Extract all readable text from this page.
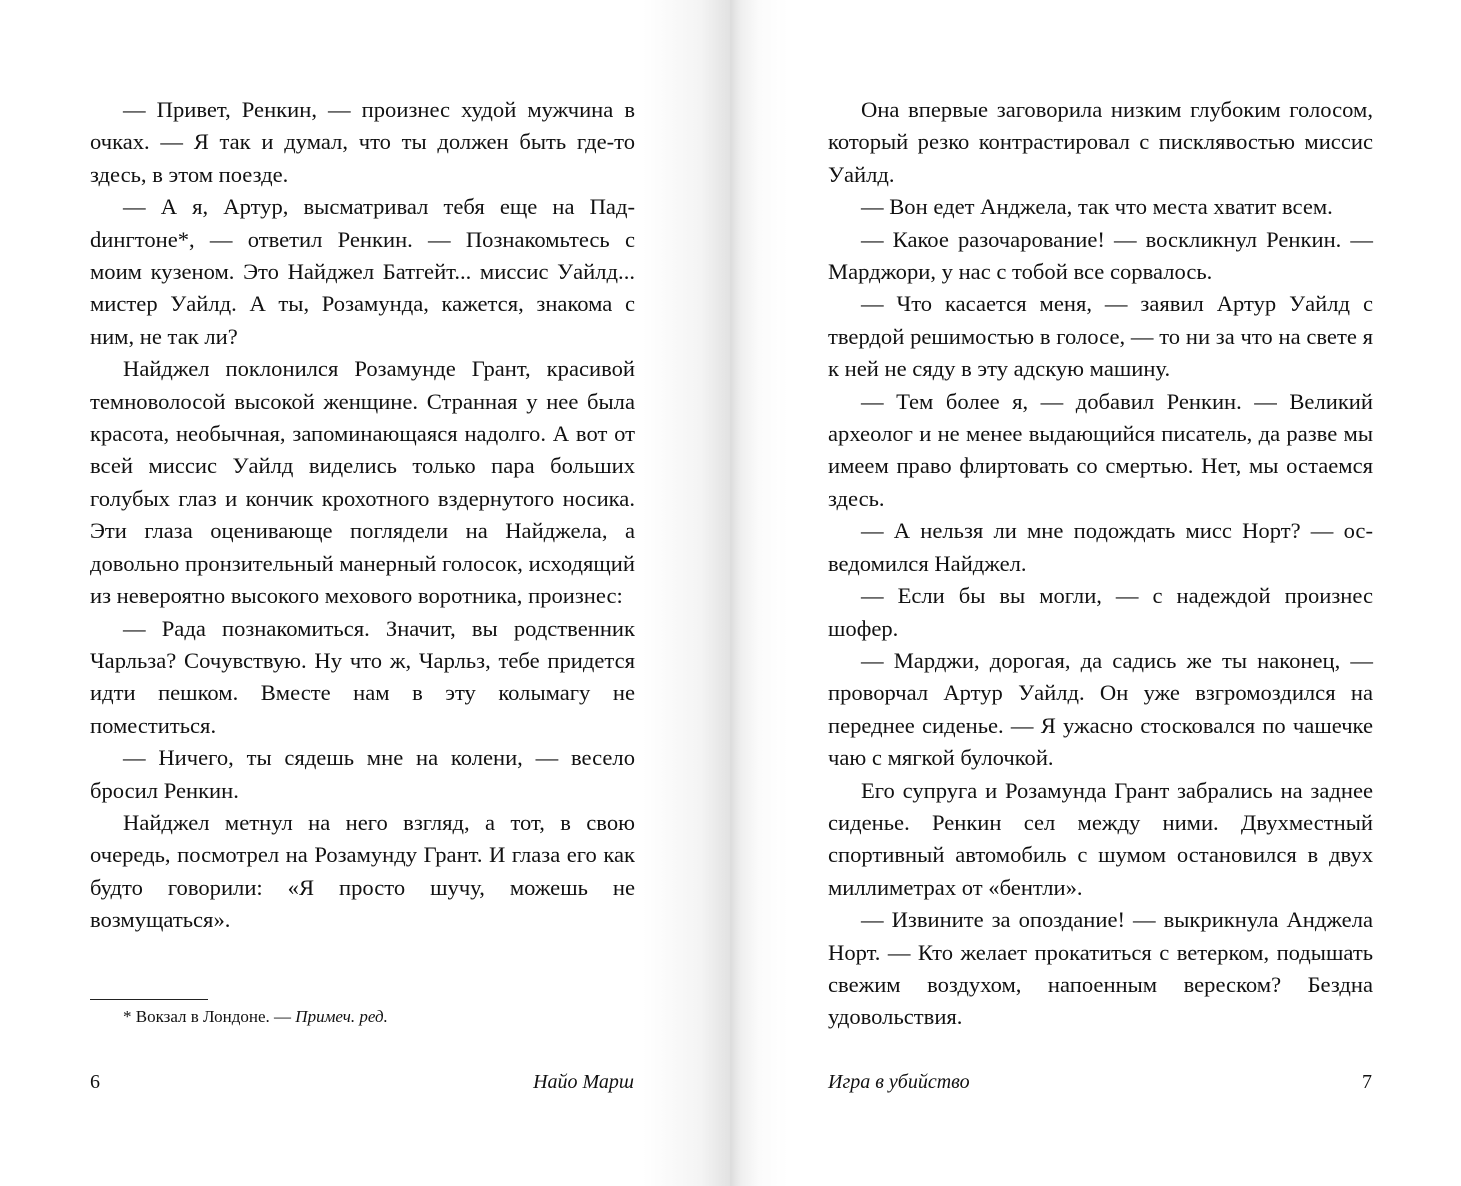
— Привет, Ренкин, — произнес худой мужчина в очках. — Я так и думал, что ты должен быть где-то здесь, в этом поезде.

— А я, Артур, высматривал тебя еще на Падdингтоне*, — ответил Ренкин. — Познакомьтесь с моим кузеном. Это Найджел Батгейт... миссис Уайлд... мистер Уайлд. А ты, Розамунда, кажется, знакома с ним, не так ли?

Найджел поклонился Розамунде Грант, красивой темноволосой высокой женщине. Странная у нее была красота, необычная, запоминающаяся надолго. А вот от всей миссис Уайлд виделись только пара больших голубых глаз и кончик крохотного вздернутого носика. Эти глаза оценивающе поглядели на Найджела, а довольно пронзительный манерный голосок, исходящий из невероятно высокого мехового воротника, произнес:

— Рада познакомиться. Значит, вы родственник Чарльза? Сочувствую. Ну что ж, Чарльз, тебе придется идти пешком. Вместе нам в эту колымагу не поместиться.

— Ничего, ты сядешь мне на колени, — весело бросил Ренкин.

Найджел метнул на него взгляд, а тот, в свою очередь, посмотрел на Розамунду Грант. И глаза его как будто говорили: «Я просто шучу, можешь не возмущаться».

* Вокзал в Лондоне. — Примеч. ред.
6	Найо Марш

Она впервые заговорила низким глубоким голосом, который резко контрастировал с писклявостью миссис Уайлд.

— Вон едет Анджела, так что места хватит всем.

— Какое разочарование! — воскликнул Ренкин. — Марджори, у нас с тобой все сорвалось.

— Что касается меня, — заявил Артур Уайлд с твердой решимостью в голосе, — то ни за что на свете я к ней не сяду в эту адскую машину.

— Тем более я, — добавил Ренкин. — Великий археолог и не менее выдающийся писатель, да разве мы имеем право флиртовать со смертью. Нет, мы остаемся здесь.

— А нельзя ли мне подождать мисс Норт? — осведомился Найджел.

— Если бы вы могли, — с надеждой произнес шофер.

— Марджи, дорогая, да садись же ты наконец, — проворчал Артур Уайлд. Он уже взгромоздился на переднее сиденье. — Я ужасно стосковался по чашечке чаю с мягкой булочкой.

Его супруга и Розамунда Грант забрались на заднее сиденье. Ренкин сел между ними. Двухместный спортивный автомобиль с шумом остановился в двух миллиметрах от «бентли».

— Извините за опоздание! — выкрикнула Анджела Норт. — Кто желает прокатиться с ветерком, подышать свежим воздухом, напоенным вереском? Бездна удовольствия.

Игра в убийство	7
